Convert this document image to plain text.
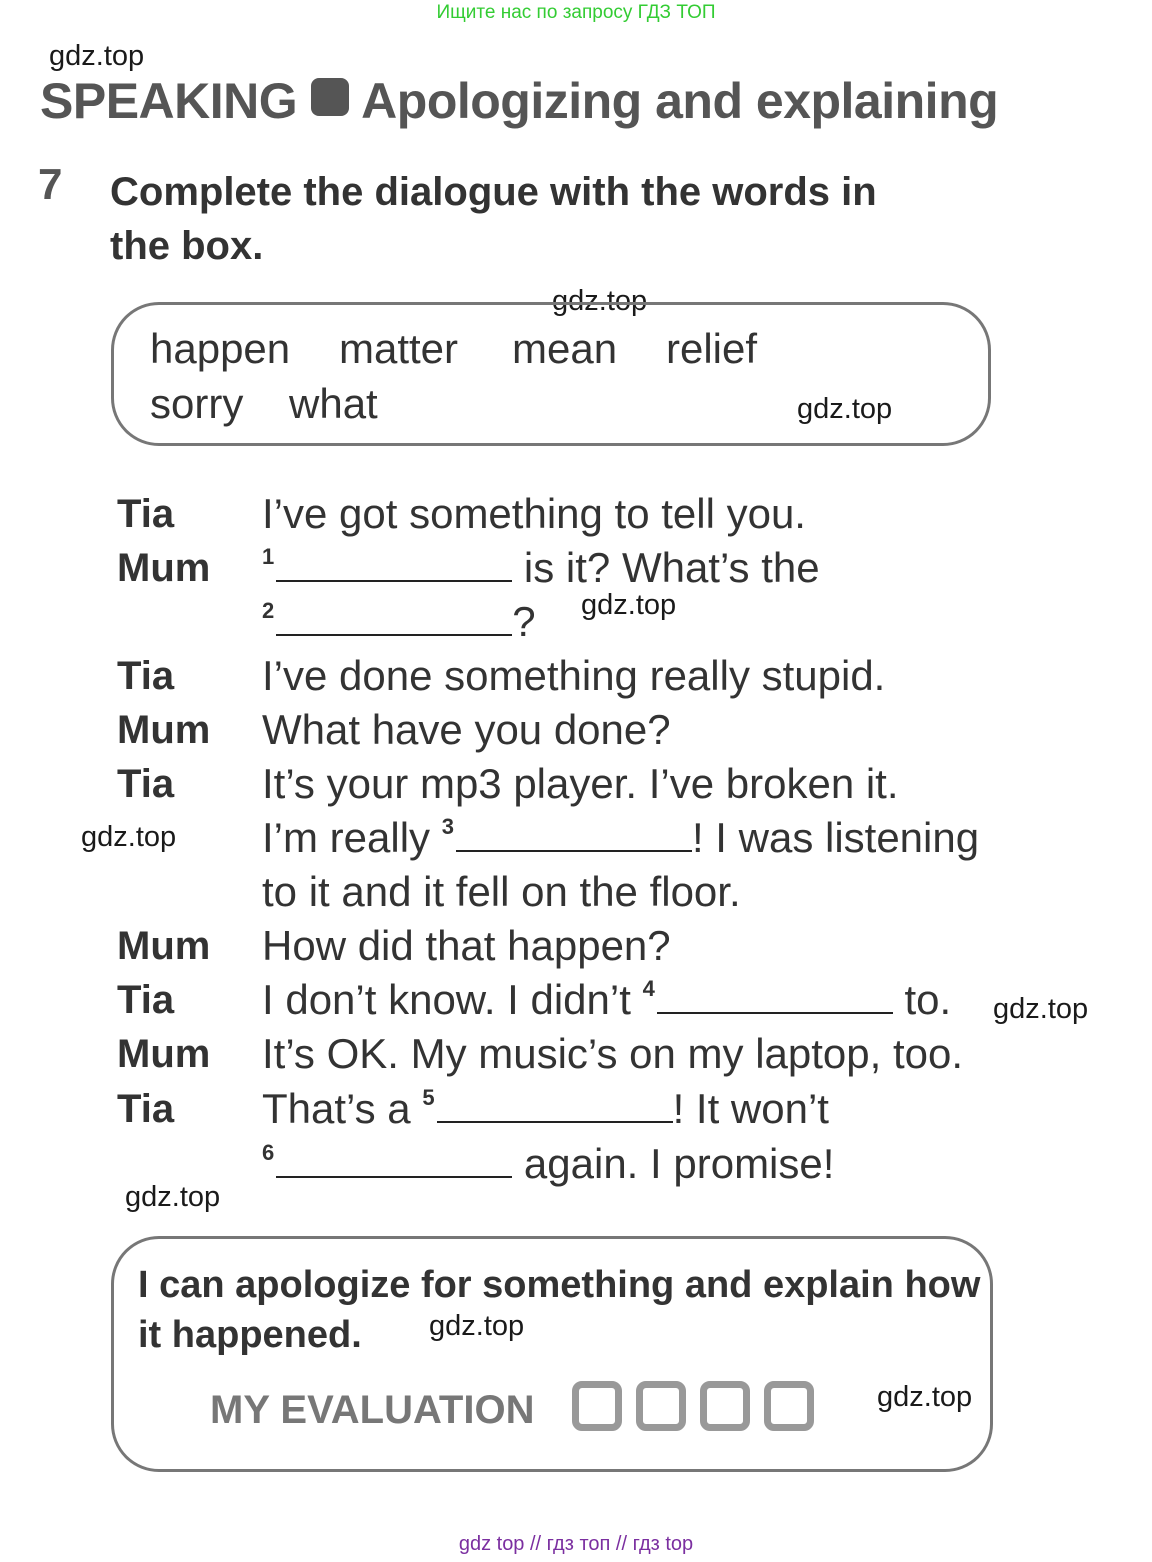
Ищите нас по запросу ГДЗ ТОП
gdz.top
SPEAKING Apologizing and explaining
7 Complete the dialogue with the words in the box.
gdz.top
happen matter mean relief
sorry what	gdz.top
Tia I’ve got something to tell you.
Mum $^1$	is it? What’s the
$^2$	? gdz.top
Tia I’ve done something really stupid.
Mum What have you done?
Tia It’s your mp3 player. I’ve broken it.
gdz.top I’m really $^3$	! I was listening
to it and it fell on the floor.
Mum How did that happen?
Tia I don’t know. I didn’t $^4$	to. gdz.top
Mum It’s OK. My music’s on my laptop, too.
Tia That’s a $^5$	! It won’t
$^6$	again. I promise!
gdz.top
I can apologize for something and explain how it happened.	gdz.top
MY EVALUATION	gdz.top
gdz top // гдз топ // гдз top
